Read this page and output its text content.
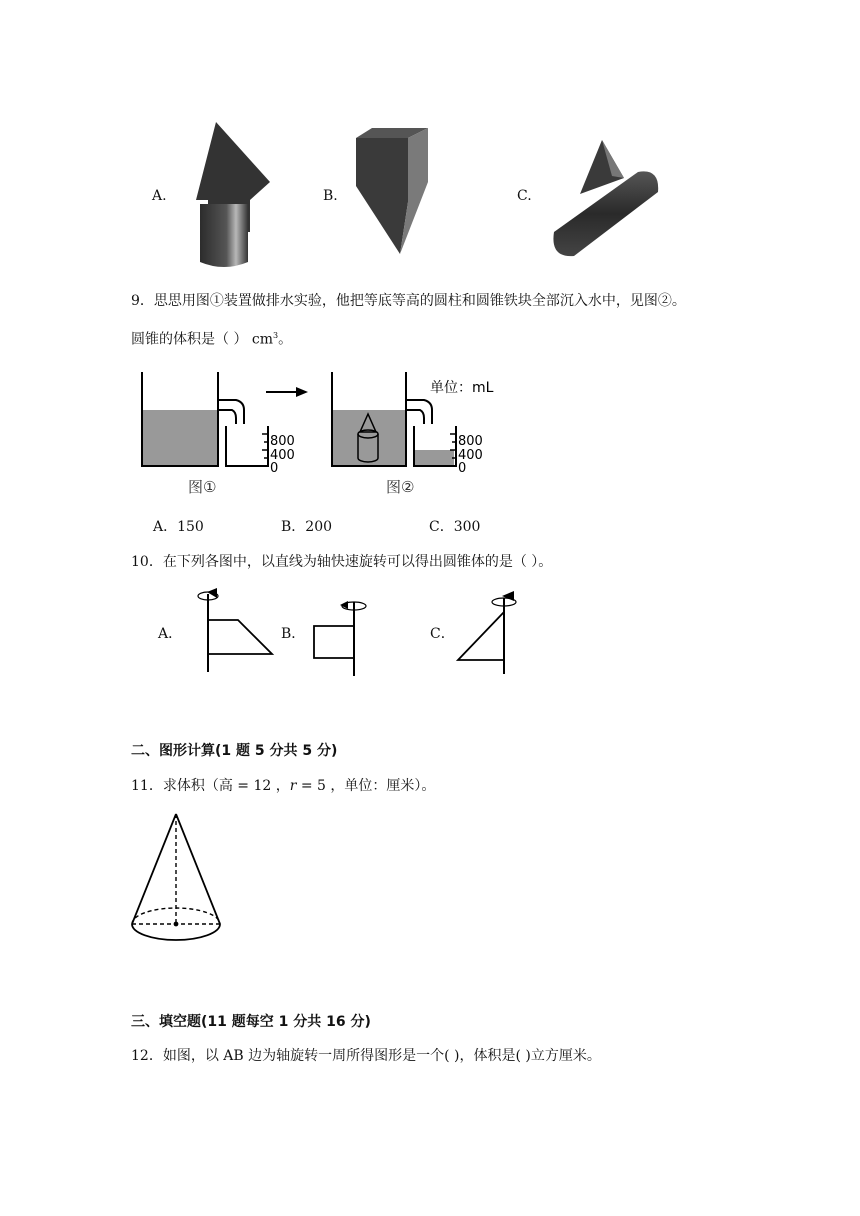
A.	B.	C.
9．思思用图①装置做排水实验，他把等底等高的圆柱和圆锥铁块全部沉入水中，见图②。
圆锥的体积是（ ） $cm^3$。
800
400
0
图①
800
400
0
图②
单位：mL
A．150	B．200	C．300
10．在下列各图中，以直线为轴快速旋转可以得出圆锥体的是（ ）。
A．	B．	C．
二、图形计算(1 题 5 分共 5 分)
11．求体积（高 = 12 ，r = 5 ，单位：厘米）。
三、填空题(11 题每空 1 分共 16 分)
12．如图，以 AB 边为轴旋转一周所得图形是一个( )，体积是( )立方厘米。
